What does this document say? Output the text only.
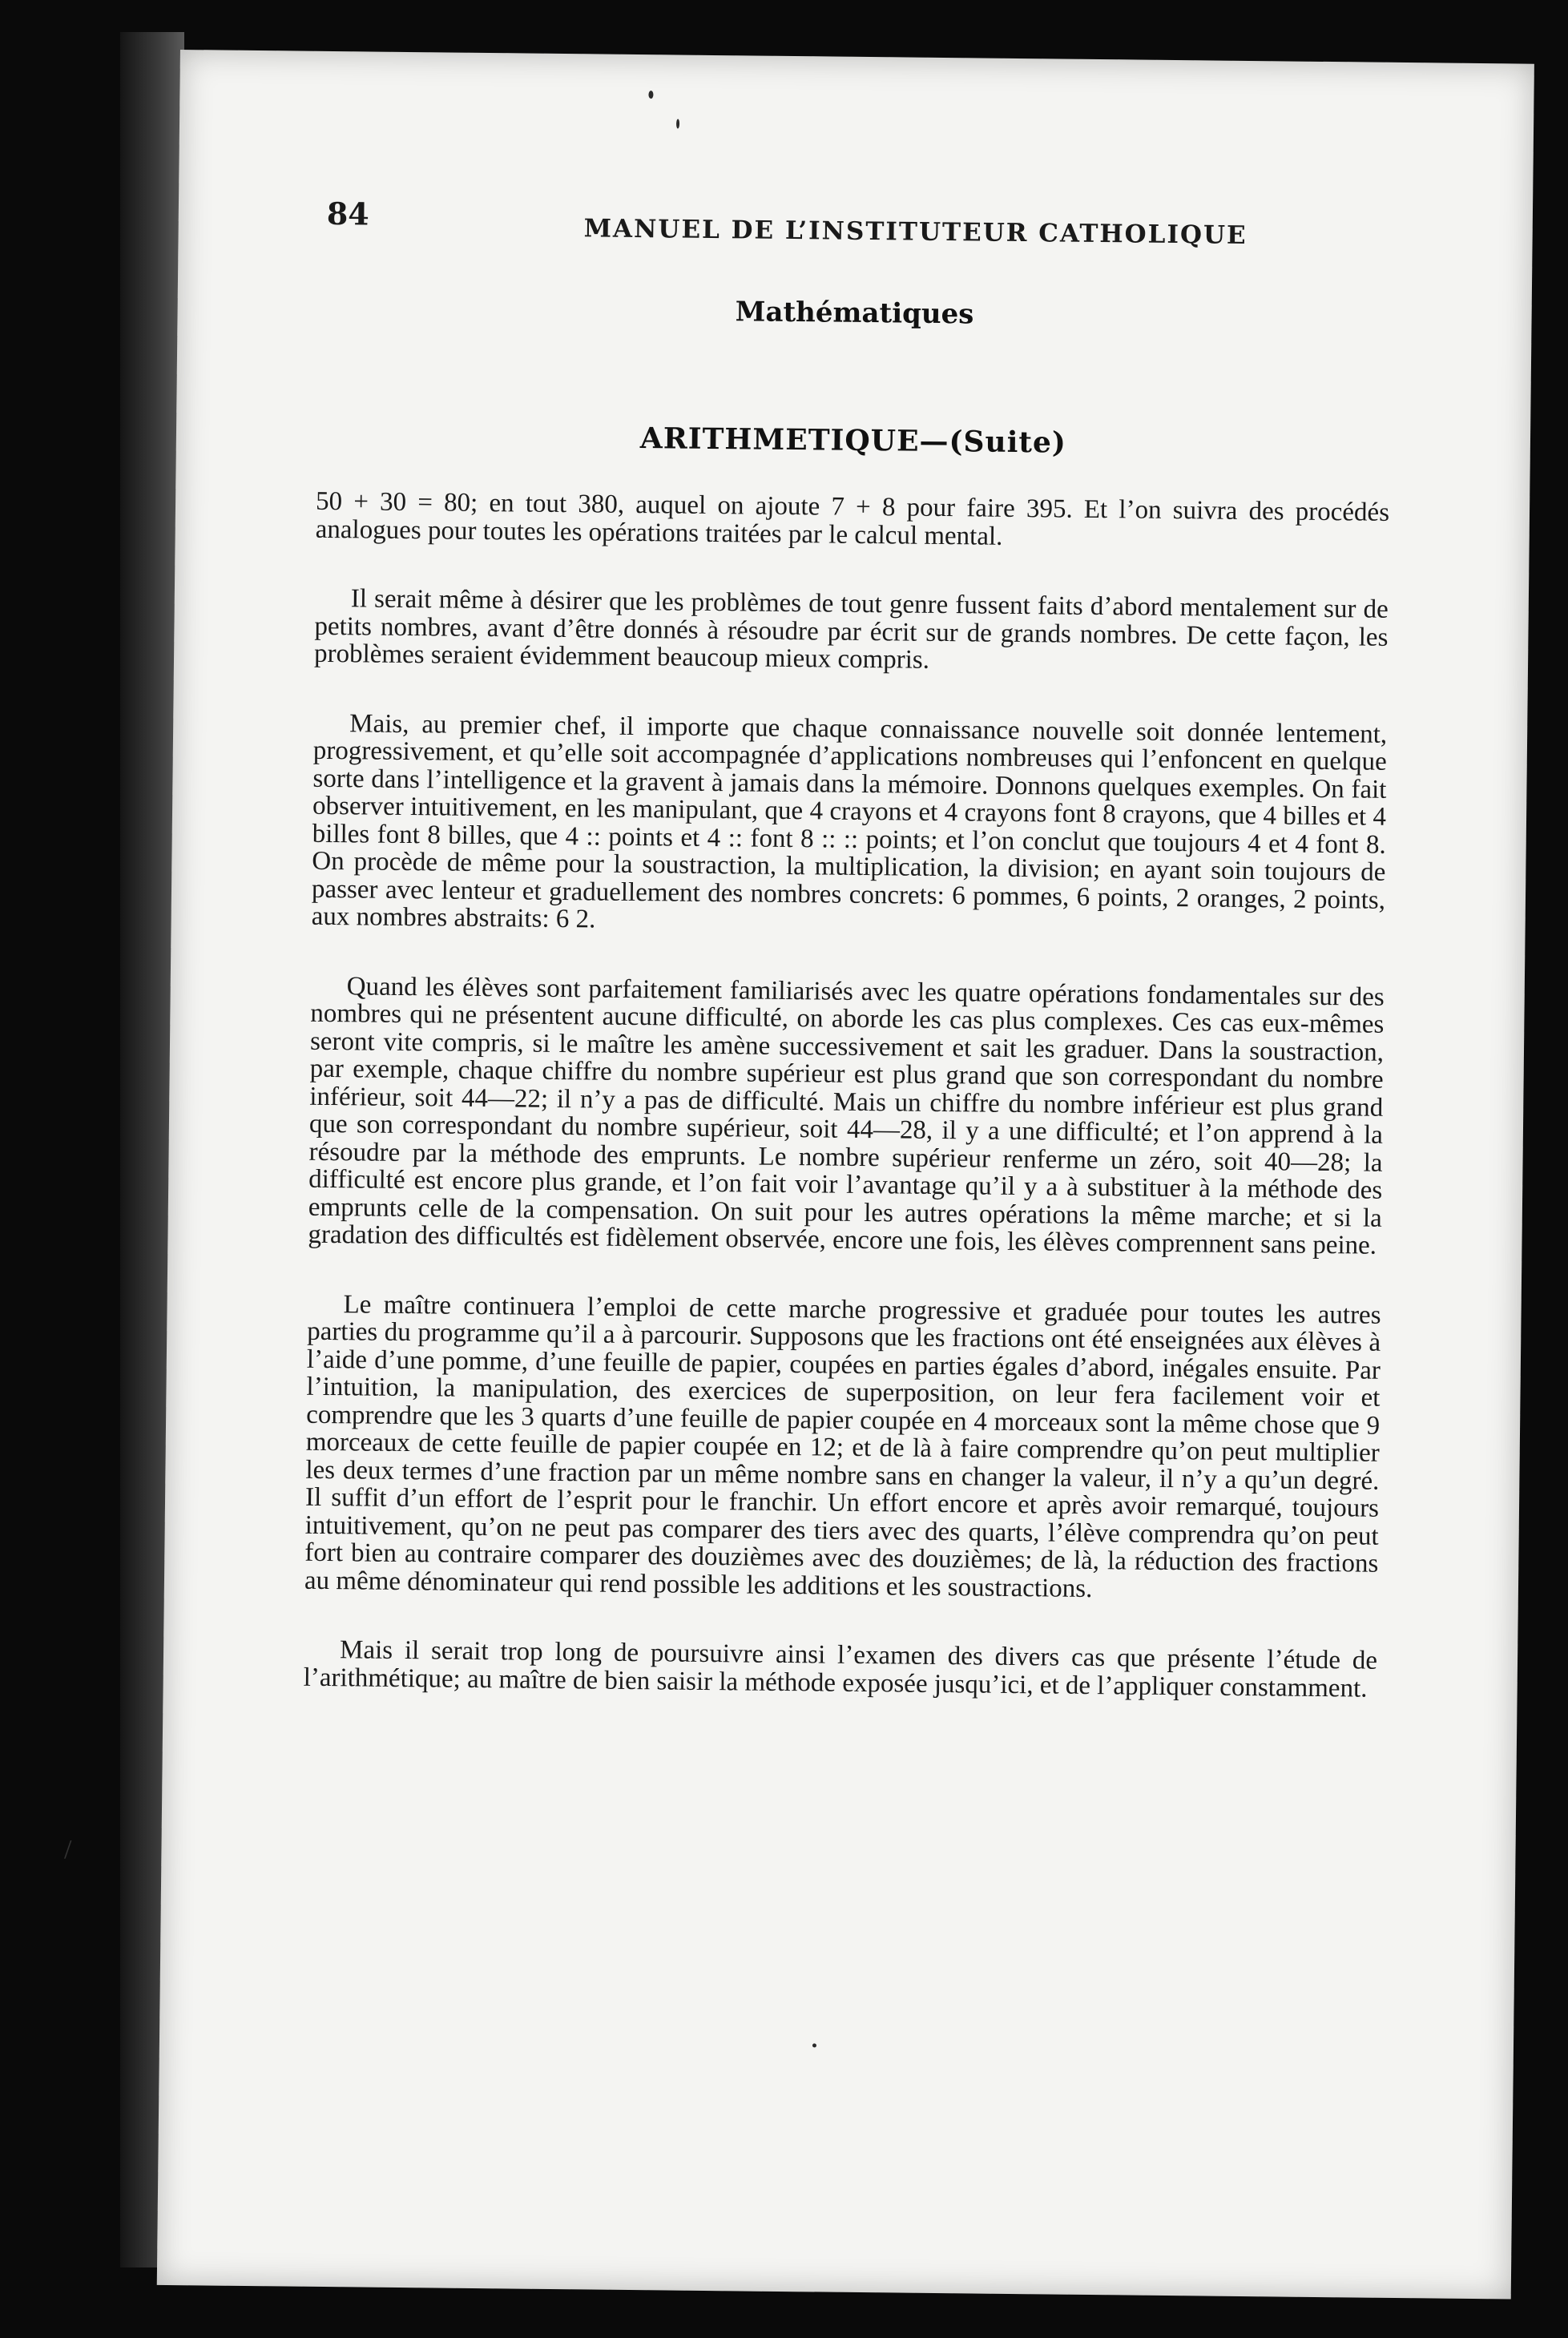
84
MANUEL DE L’INSTITUTEUR CATHOLIQUE
Mathématiques
ARITHMETIQUE—(Suite)

50 + 30 = 80; en tout 380, auquel on ajoute 7 + 8 pour faire 395. Et l’on suivra des procédés analogues pour toutes les opérations traitées par le calcul mental.

Il serait même à désirer que les problèmes de tout genre fussent faits d’abord mentalement sur de petits nombres, avant d’être donnés à résoudre par écrit sur de grands nombres. De cette façon, les problèmes seraient évidemment beaucoup mieux compris.

Mais, au premier chef, il importe que chaque connaissance nouvelle soit donnée lentement, progressivement, et qu’elle soit accompagnée d’applications nombreuses qui l’enfoncent en quelque sorte dans l’intelligence et la gravent à jamais dans la mémoire. Donnons quelques exemples. On fait observer intuitivement, en les manipulant, que 4 crayons et 4 crayons font 8 crayons, que 4 billes et 4 billes font 8 billes, que 4 :: points et 4 :: font 8 :: :: points; et l’on conclut que toujours 4 et 4 font 8. On procède de même pour la soustraction, la multiplication, la division; en ayant soin toujours de passer avec lenteur et graduellement des nombres concrets: 6 pommes, 6 points, 2 oranges, 2 points, aux nombres abstraits: 6 2.

Quand les élèves sont parfaitement familiarisés avec les quatre opérations fondamentales sur des nombres qui ne présentent aucune difficulté, on aborde les cas plus complexes. Ces cas eux-mêmes seront vite compris, si le maître les amène successivement et sait les graduer. Dans la soustraction, par exemple, chaque chiffre du nombre supérieur est plus grand que son correspondant du nombre inférieur, soit 44—22; il n’y a pas de difficulté. Mais un chiffre du nombre inférieur est plus grand que son correspondant du nombre supérieur, soit 44—28, il y a une difficulté; et l’on apprend à la résoudre par la méthode des emprunts. Le nombre supérieur renferme un zéro, soit 40—28; la difficulté est encore plus grande, et l’on fait voir l’avantage qu’il y a à substituer à la méthode des emprunts celle de la compensation. On suit pour les autres opérations la même marche; et si la gradation des difficultés est fidèlement observée, encore une fois, les élèves comprennent sans peine.

Le maître continuera l’emploi de cette marche progressive et graduée pour toutes les autres parties du programme qu’il a à parcourir. Supposons que les fractions ont été enseignées aux élèves à l’aide d’une pomme, d’une feuille de papier, coupées en parties égales d’abord, inégales ensuite. Par l’intuition, la manipulation, des exercices de superposition, on leur fera facilement voir et comprendre que les 3 quarts d’une feuille de papier coupée en 4 morceaux sont la même chose que 9 morceaux de cette feuille de papier coupée en 12; et de là à faire comprendre qu’on peut multiplier les deux termes d’une fraction par un même nombre sans en changer la valeur, il n’y a qu’un degré. Il suffit d’un effort de l’esprit pour le franchir. Un effort encore et après avoir remarqué, toujours intuitivement, qu’on ne peut pas comparer des tiers avec des quarts, l’élève comprendra qu’on peut fort bien au contraire comparer des douzièmes avec des douzièmes; de là, la réduction des fractions au même dénominateur qui rend possible les additions et les soustractions.

Mais il serait trop long de poursuivre ainsi l’examen des divers cas que présente l’étude de l’arithmétique; au maître de bien saisir la méthode exposée jusqu’ici, et de l’appliquer constamment.

/
